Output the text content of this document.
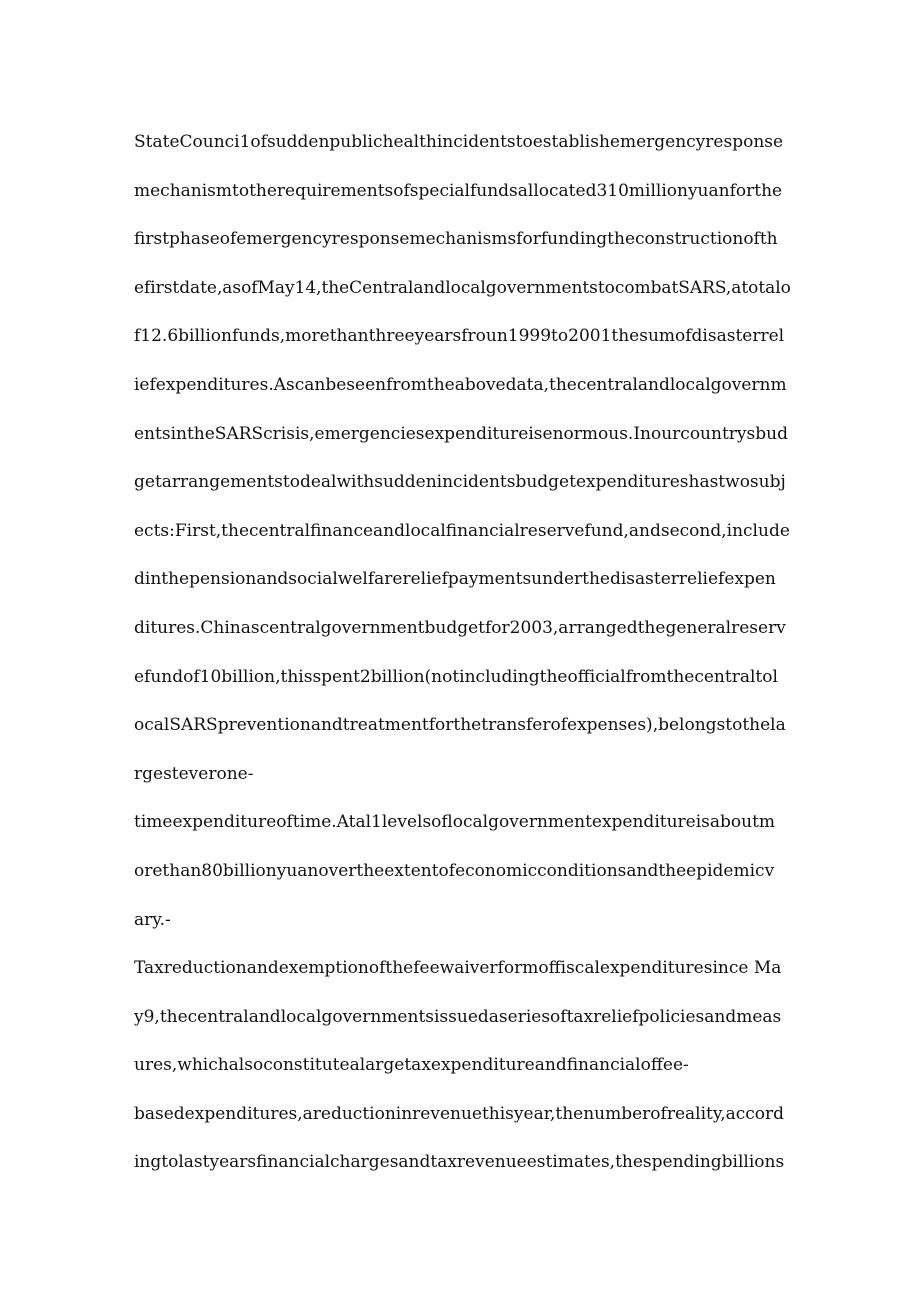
StateCounci1ofsuddenpublichealthincidentstoestablishemergencyresponse
mechanismtotherequirementsofspecialfundsallocated310millionyuanforthe
firstphaseofemergencyresponsemechanismsforfundingtheconstructionofth
efirstdate,asofMay14,theCentralandlocalgovernmentstocombatSARS,atotalo
f12.6billionfunds,morethanthreeyearsfroun1999to2001thesumofdisasterrel
iefexpenditures.Ascanbeseenfromtheabovedata,thecentralandlocalgovernm
entsintheSARScrisis,emergenciesexpenditureisenormous.Inourcountrysbud
getarrangementstodealwithsuddenincidentsbudgetexpenditureshastwosubj
ects:First,thecentralfinanceandlocalfinancialreservefund,andsecond,include
dinthepensionandsocialwelfarereliefpaymentsunderthedisasterreliefexpen
ditures.Chinascentralgovernmentbudgetfor2003,arrangedthegeneralreserv
efundof10billion,thisspent2billion(notincludingtheofficialfromthecentraltol
ocalSARSpreventionandtreatmentforthetransferofexpenses),belongstothela
rgesteverone-
timeexpenditureoftime.Atal1levelsoflocalgovernmentexpenditureisaboutm
orethan80billionyuanovertheextentofeconomicconditionsandtheepidemicv
ary.-
Taxreductionandexemptionofthefeewaiverformoffiscalexpendituresince Ma
y9,thecentralandlocalgovernmentsissuedaseriesoftaxreliefpoliciesandmeas
ures,whichalsoconstitutealargetaxexpenditureandfinancialoffee-
basedexpenditures,areductioninrevenuethisyear,thenumberofreality,accord
ingtolastyearsfinancialchargesandtaxrevenueestimates,thespendingbillions
